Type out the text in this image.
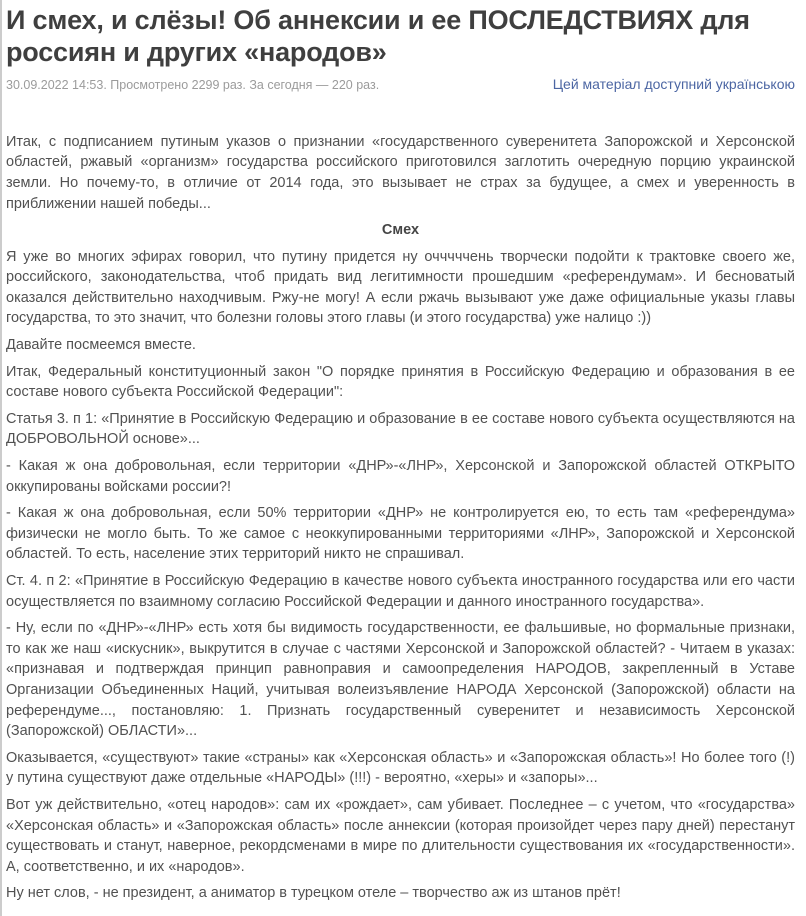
И смех, и слёзы! Об аннексии и ее ПОСЛЕДСТВИЯХ для россиян и других «народов»
30.09.2022 14:53. Просмотрено 2299 раз. За сегодня — 220 раз.	Цей матеріал доступний українською

Итак, с подписанием путиным указов о признании «государственного суверенитета Запорожской и Херсонской областей, ржавый «организм» государства российского приготовился заглотить очередную порцию украинской земли. Но почему-то, в отличие от 2014 года, это вызывает не страх за будущее, а смех и уверенность в приближении нашей победы...

Смех

Я уже во многих эфирах говорил, что путину придется ну очччччень творчески подойти к трактовке своего же, российского, законодательства, чтоб придать вид легитимности прошедшим «референдумам». И бесноватый оказался действительно находчивым. Ржу-не могу! А если ржачь вызывают уже даже официальные указы главы государства, то это значит, что болезни головы этого главы (и этого государства) уже налицо :))

Давайте посмеемся вместе.

Итак, Федеральный конституционный закон "О порядке принятия в Российскую Федерацию и образования в ее составе нового субъекта Российской Федерации":

Статья 3. п 1: «Принятие в Российскую Федерацию и образование в ее составе нового субъекта осуществляются на ДОБРОВОЛЬНОЙ основе»...

- Какая ж она добровольная, если территории «ДНР»-«ЛНР», Херсонской и Запорожской областей ОТКРЫТО оккупированы войсками россии?!

- Какая ж она добровольная, если 50% территории «ДНР» не контролируется ею, то есть там «референдума» физически не могло быть. То же самое с неоккупированными территориями «ЛНР», Запорожской и Херсонской областей. То есть, население этих территорий никто не спрашивал.

Ст. 4. п 2: «Принятие в Российскую Федерацию в качестве нового субъекта иностранного государства или его части осуществляется по взаимному согласию Российской Федерации и данного иностранного государства».

- Ну, если по «ДНР»-«ЛНР» есть хотя бы видимость государственности, ее фальшивые, но формальные признаки, то как же наш «искусник», выкрутится в случае с частями Херсонской и Запорожской областей? - Читаем в указах: «признавая и подтверждая принцип равноправия и самоопределения НАРОДОВ, закрепленный в Уставе Организации Объединенных Наций, учитывая волеизъявление НАРОДА Херсонской (Запорожской) области на референдуме..., постановляю: 1. Признать государственный суверенитет и независимость Херсонской (Запорожской) ОБЛАСТИ»...

Оказывается, «существуют» такие «страны» как «Херсонская область» и «Запорожская область»! Но более того (!) у путина существуют даже отдельные «НАРОДЫ» (!!!) - вероятно, «херы» и «запоры»...

Вот уж действительно, «отец народов»: сам их «рождает», сам убивает. Последнее – с учетом, что «государства» «Херсонская область» и «Запорожская область» после аннексии (которая произойдет через пару дней) перестанут существовать и станут, наверное, рекордсменами в мире по длительности существования их «государственности». А, соответственно, и их «народов».

Ну нет слов, - не президент, а аниматор в турецком отеле – творчество аж из штанов прёт!
